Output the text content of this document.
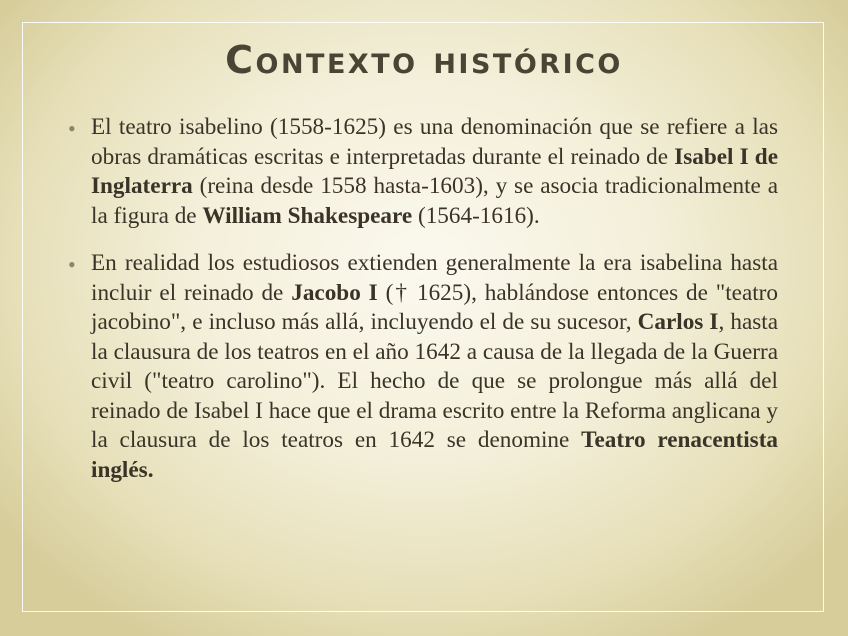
Contexto histórico

• El teatro isabelino (1558-1625) es una denominación que se refiere a las obras dramáticas escritas e interpretadas durante el reinado de Isabel I de Inglaterra (reina desde 1558 hasta-1603), y se asocia tradicionalmente a la figura de William Shakespeare (1564-1616).

• En realidad los estudiosos extienden generalmente la era isabelina hasta incluir el reinado de Jacobo I († 1625), hablándose entonces de "teatro jacobino", e incluso más allá, incluyendo el de su sucesor, Carlos I, hasta la clausura de los teatros en el año 1642 a causa de la llegada de la Guerra civil ("teatro carolino"). El hecho de que se prolongue más allá del reinado de Isabel I hace que el drama escrito entre la Reforma anglicana y la clausura de los teatros en 1642 se denomine Teatro renacentista inglés.
